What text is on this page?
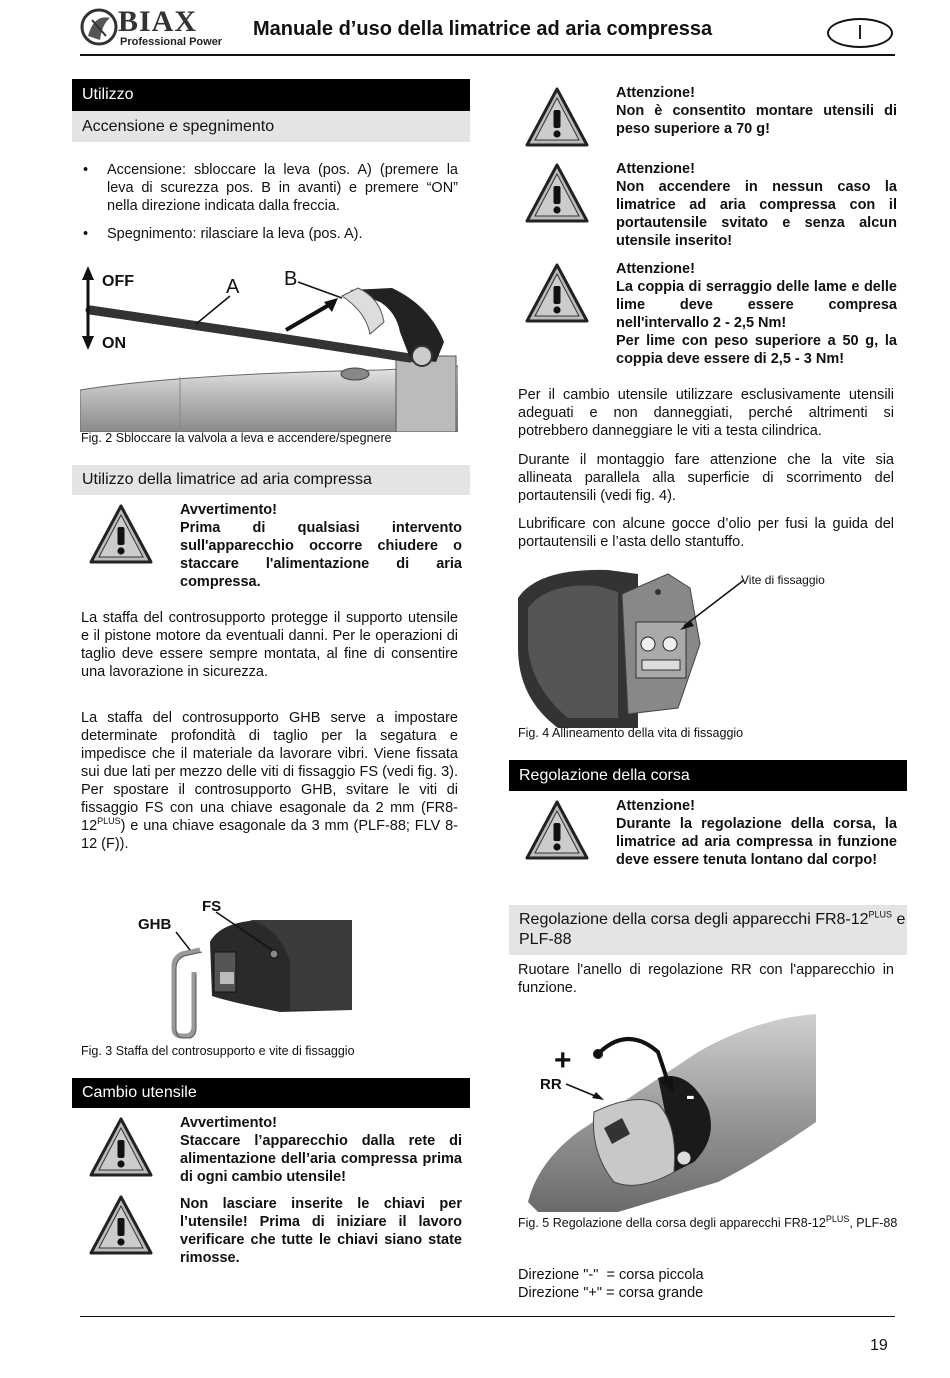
BIAX
Professional Power
Manuale d’uso della limatrice ad aria compressa	I
Utilizzo
Accensione e spegnimento
• Accensione: sbloccare la leva (pos. A) (premere la leva di scurezza pos. B in avanti) e premere “ON” nella direzione indicata dalla freccia.
• Spegnimento: rilasciare la leva (pos. A).
OFF
ON
A B
Fig. 2 Sbloccare la valvola a leva e accendere/spegnere
Utilizzo della limatrice ad aria compressa
Avvertimento!
Prima di qualsiasi intervento sull'apparecchio occorre chiudere o staccare l'alimentazione di aria compressa.
La staffa del controsupporto protegge il supporto utensile e il pistone motore da eventuali danni. Per le operazioni di taglio deve essere sempre montata, al fine di consentire una lavorazione in sicurezza.
La staffa del controsupporto GHB serve a impostare determinate profondità di taglio per la segatura e impedisce che il materiale da lavorare vibri. Viene fissata sui due lati per mezzo delle viti di fissaggio FS (vedi fig. 3). Per spostare il controsupporto GHB, svitare le viti di fissaggio FS con una chiave esagonale da 2 mm $(FR8-12^{PLUS})$ e una chiave esagonale da 3 mm (PLF-88; FLV 8-12 (F)).
FS
GHB
Fig. 3 Staffa del controsupporto e vite di fissaggio
Cambio utensile
Avvertimento!
Staccare l’apparecchio dalla rete di alimentazione dell’aria compressa prima di ogni cambio utensile!
Non lasciare inserite le chiavi per l’utensile! Prima di iniziare il lavoro verificare che tutte le chiavi siano state rimosse.
Attenzione!
Non è consentito montare utensili di peso superiore a 70 g!
Attenzione!
Non accendere in nessun caso la limatrice ad aria compressa con il portautensile svitato e senza alcun utensile inserito!
Attenzione!
La coppia di serraggio delle lame e delle lime deve essere compresa nell'intervallo 2 - 2,5 Nm!
Per lime con peso superiore a 50 g, la coppia deve essere di 2,5 - 3 Nm!
Per il cambio utensile utilizzare esclusivamente utensili adeguati e non danneggiati, perché altrimenti si potrebbero danneggiare le viti a testa cilindrica.
Durante il montaggio fare attenzione che la vite sia allineata parallela alla superficie di scorrimento del portautensili (vedi fig. 4).
Lubrificare con alcune gocce d’olio per fusi la guida del portautensili e l’asta dello stantuffo.
Vite di fissaggio
Fig. 4 Allineamento della vita di fissaggio
Regolazione della corsa
Attenzione!
Durante la regolazione della corsa, la limatrice ad aria compressa in funzione deve essere tenuta lontano dal corpo!
Regolazione della corsa degli apparecchi $FR8-12^{PLUS}$ e PLF-88
Ruotare l'anello di regolazione RR con l'apparecchio in funzione.
+
-
RR
Fig. 5 Regolazione della corsa degli apparecchi $FR8-12^{PLUS}$, PLF-88
Direzione "-"  = corsa piccola
Direzione "+" = corsa grande
19
